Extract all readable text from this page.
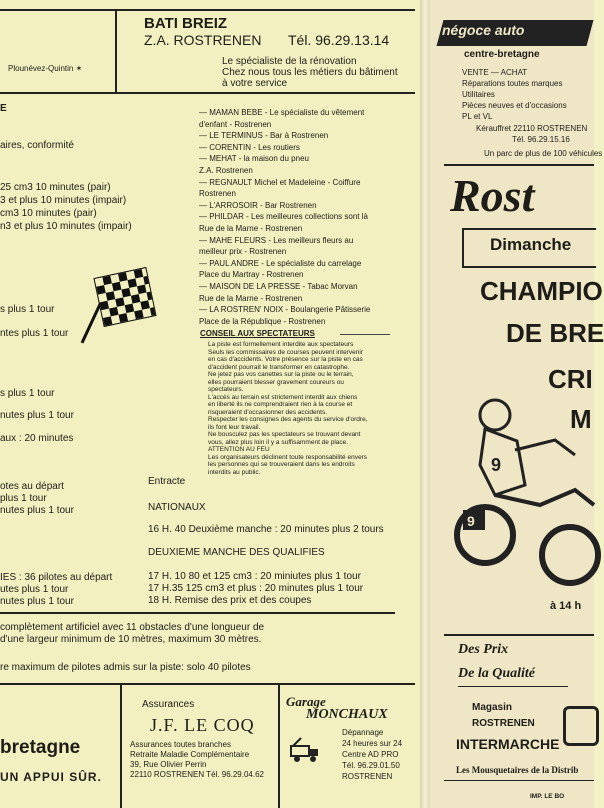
Plounévez-Quintin ✶
BATI BREIZ
Z.A. ROSTRENEN Tél. 96.29.13.14
Le spécialiste de la rénovation
Chez nous tous les métiers du bâtiment
à votre service
E
aires, conformité
25 cm3 10 minutes (pair)
3 et plus 10 minutes (impair)
cm3 10 minutes (pair)
n3 et plus 10 minutes (impair)
s plus 1 tour
ntes plus 1 tour
s plus 1 tour
nutes plus 1 tour
aux : 20 minutes
otes au départ
plus 1 tour
nutes plus 1 tour
IES : 36 pilotes au départ
utes plus 1 tour
nutes plus 1 tour
— MAMAN BEBE - Le spécialiste du vêtement
d'enfant - Rostrenen
— LE TERMINUS - Bar à Rostrenen
— CORENTIN - Les routiers
— MEHAT - la maison du pneu
Z.A. Rostrenen
— REGNAULT Michel et Madeleine - Coiffure
Rostrenen
— L'ARROSOIR - Bar Rostrenen
— PHILDAR - Les meilleures collections sont là
Rue de la Marne - Rostrenen
— MAHE FLEURS - Les meilleurs fleurs au
meilleur prix - Rostrenen
— PAUL ANDRE - Le spécialiste du carrelage
Place du Martray - Rostrenen
— MAISON DE LA PRESSE - Tabac Morvan
Rue de la Marne - Rostrenen
— LA ROSTREN' NOIX - Boulangerie Pâtisserie
Place de la République - Rostrenen
CONSEIL AUX SPECTATEURS
La piste est formellement interdite aux spectateurs
Seuls les commissaires de courses peuvent intervenir
en cas d'accidents. Votre présence sur la piste en cas
d'accident pourrait le transformer en catastrophe.
Ne jetez pas vos canettes sur la piste ou le terrain,
elles pourraient blesser gravement coureurs ou
spectateurs.
L'accès au terrain est strictement interdit aux chiens
en liberté ils ne comprendraient rien à la course et
risqueraient d'occasionner des accidents.
Respecter les consignes des agents du service d'ordre,
ils font leur travail.
Ne bousculez pas les spectateurs se trouvant devant
vous, allez plus loin il y a suffisamment de place.
ATTENTION AU FEU
Les organisateurs déclinent toute responsabilité envers
les personnes qui se trouveraient dans les endroits
interdits au public.
Entracte
NATIONAUX
16 H. 40 Deuxième manche : 20 minutes plus 2 tours
DEUXIEME MANCHE DES QUALIFIES
17 H. 10 80 et 125 cm3 : 20 miniutes plus 1 tour
17 H.35 125 cm3 et plus : 20 minutes plus 1 tour
18 H. Remise des prix et des coupes
complètement artificiel avec 11 obstacles d'une longueur de
d'une largeur minimum de 10 mètres, maximum 30 mètres.
re maximum de pilotes admis sur la piste: solo 40 pilotes
bretagne
UN APPUI SÛR.
Assurances
J.F. LE COQ
Assurances toutes branches
Retraite Maladie Complémentaire
39, Rue Olivier Perrin
22110 ROSTRENEN Tél. 96.29.04.62
Garage
MONCHAUX
Dépannage
24 heures sur 24
Centre AD PRO
Tél. 96.29.01.50
ROSTRENEN
négoce auto
centre-bretagne
VENTE — ACHAT
Réparations toutes marques
Utilitaires
Pièces neuves et d'occasions
PL et VL
Kérauffret 22110 ROSTRENEN
Tél. 96.29.15.16
Un parc de plus de 100 véhicules
Rost
Dimanche
CHAMPIO
DE BRE
CRI
M
9
9
à 14 h
Des Prix
De la Qualité
Magasin
ROSTRENEN
INTERMARCHE
Les Mousquetaires de la Distrib
IMP. LE BO
